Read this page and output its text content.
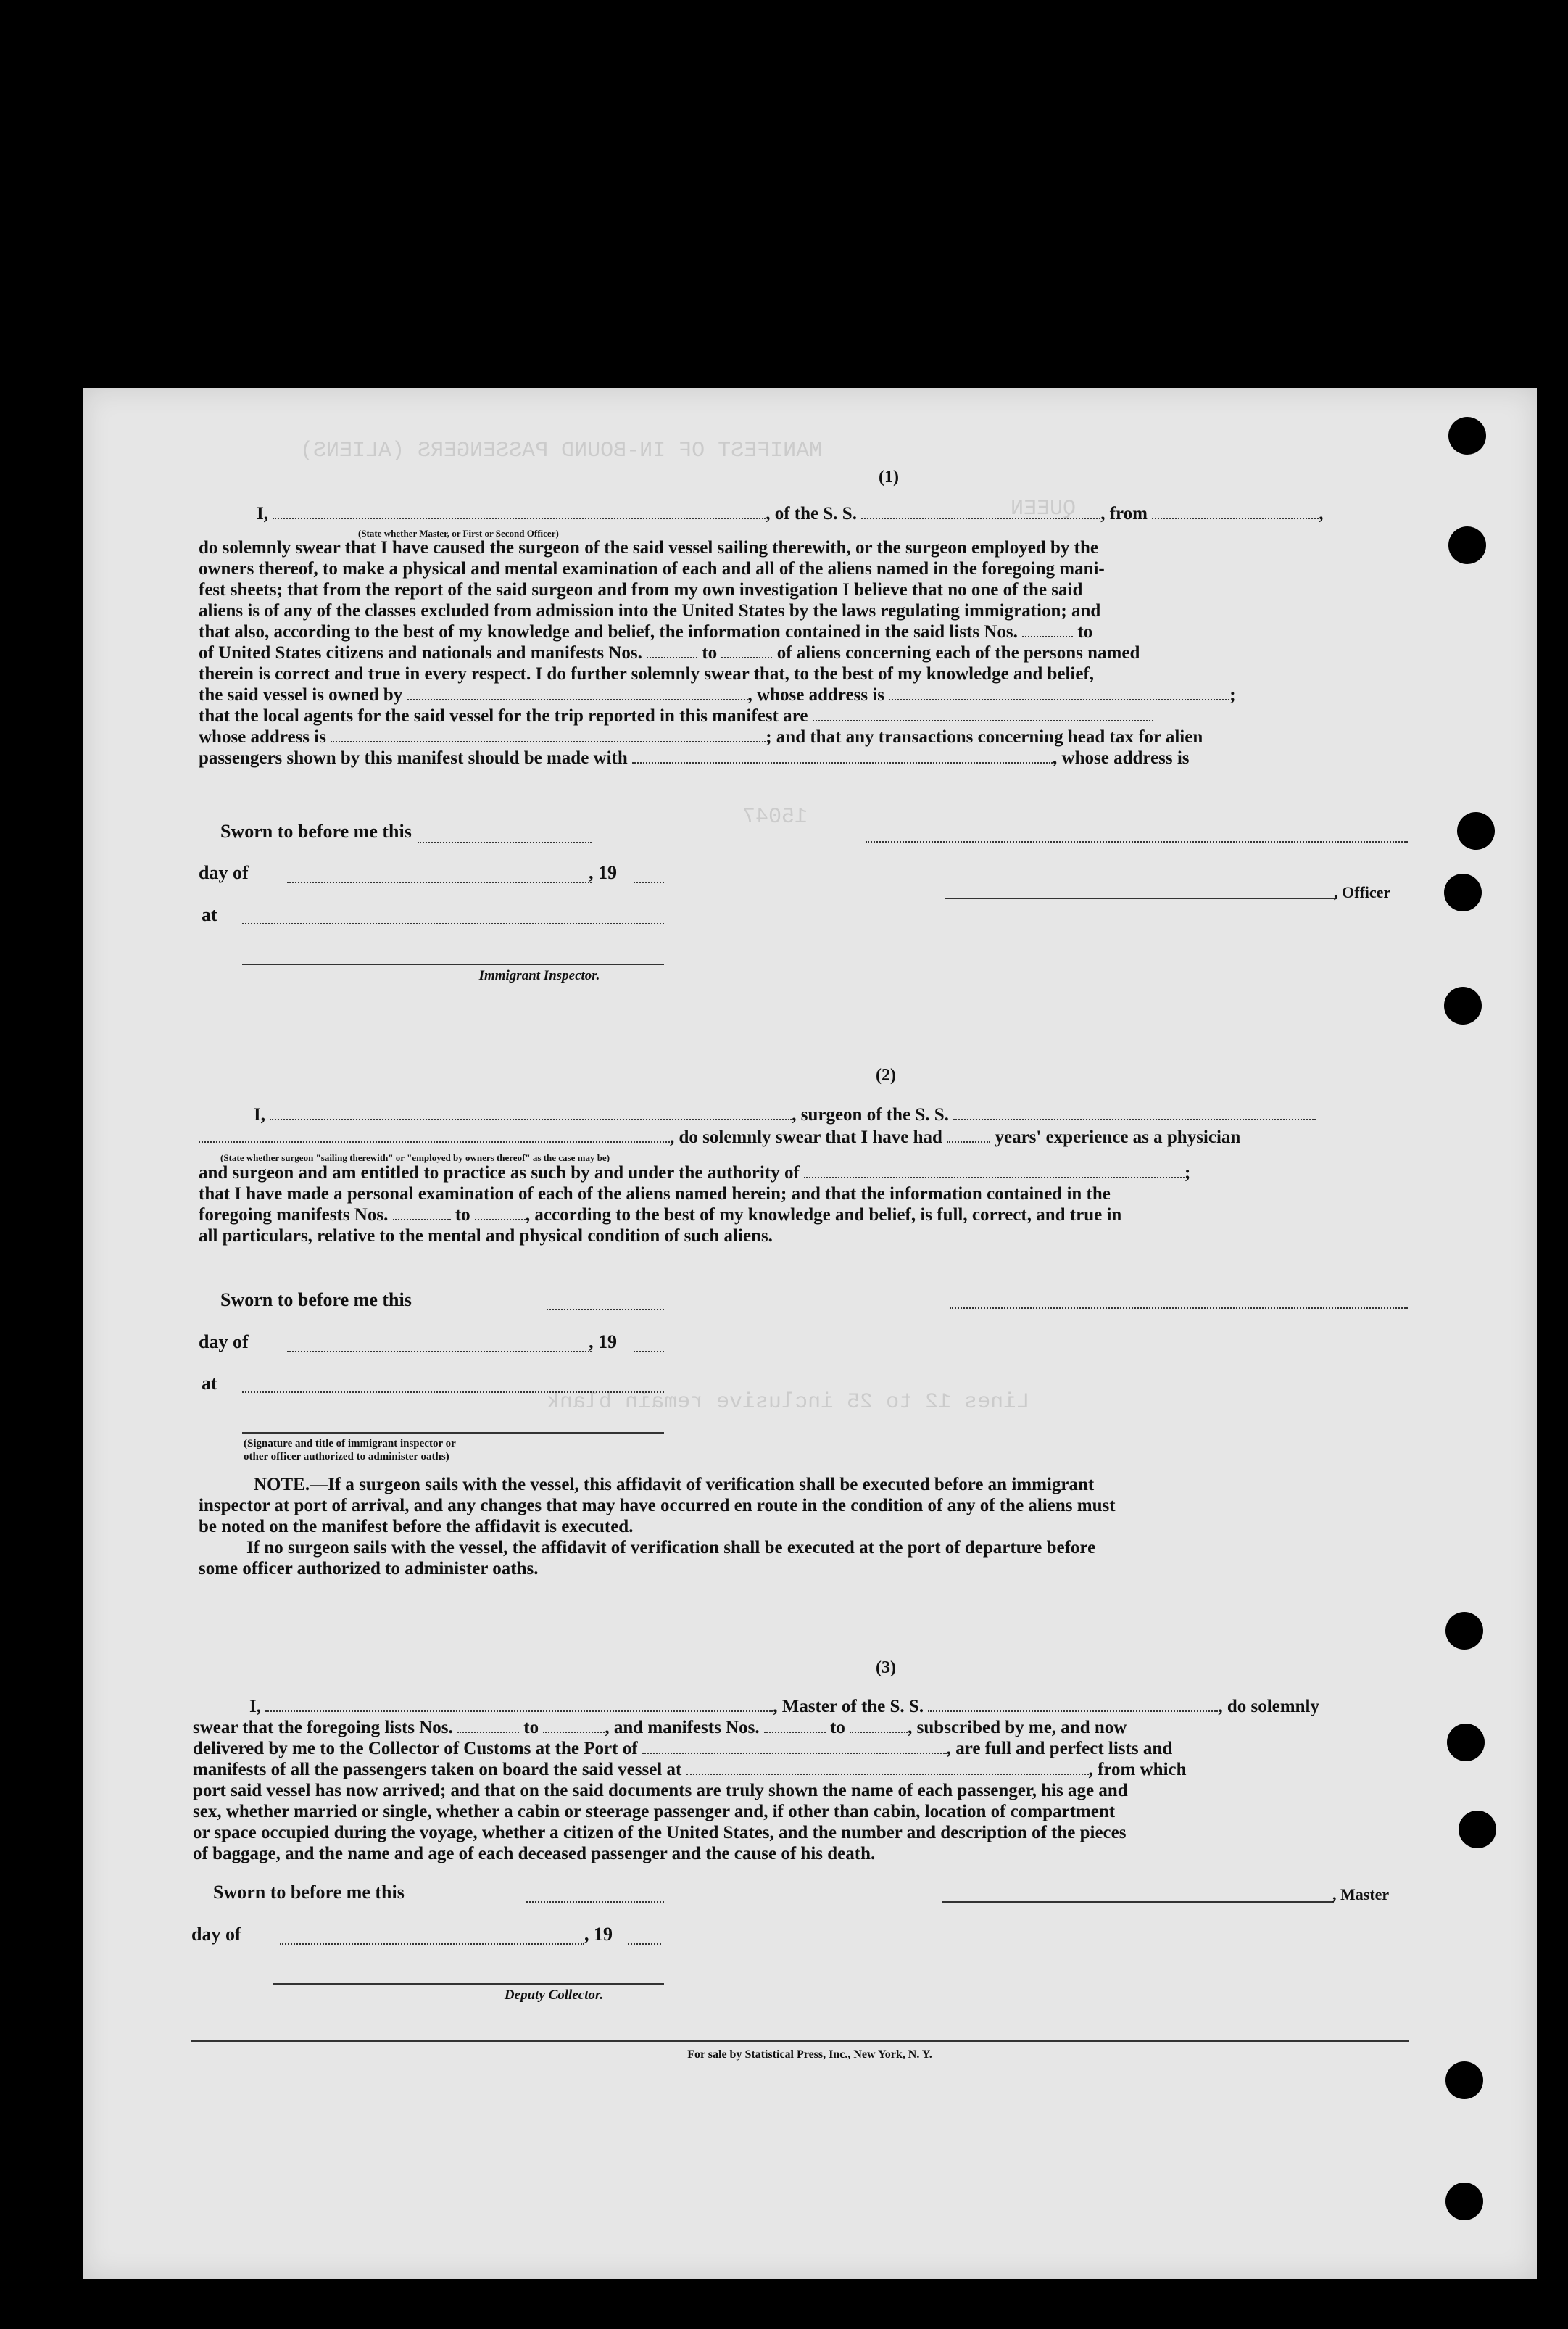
MANIFEST OF IN-BOUND PASSENGERS (ALIENS)
QUEEN
15047
Lines 12 to 25 inclusive remain blank
(1)
I,	, of the S. S.	, from	,
(State whether Master, or First or Second Officer)
do solemnly swear that I have caused the surgeon of the said vessel sailing therewith, or the surgeon employed by the
owners thereof, to make a physical and mental examination of each and all of the aliens named in the foregoing mani-
fest sheets; that from the report of the said surgeon and from my own investigation I believe that no one of the said
aliens is of any of the classes excluded from admission into the United States by the laws regulating immigration; and
that also, according to the best of my knowledge and belief, the information contained in the said lists Nos.	to
of United States citizens and nationals and manifests Nos.	to	of aliens concerning each of the persons named
therein is correct and true in every respect. I do further solemnly swear that, to the best of my knowledge and belief,
the said vessel is owned by	, whose address is	;
that the local agents for the said vessel for the trip reported in this manifest are
whose address is	; and that any transactions concerning head tax for alien
passengers shown by this manifest should be made with	, whose address is
Sworn to before me this
day of	, 19
at
Immigrant Inspector.
, Officer
(2)
I,	, surgeon of the S. S.
, do solemnly swear that I have had	years' experience as a physician
(State whether surgeon "sailing therewith" or "employed by owners thereof" as the case may be)
and surgeon and am entitled to practice as such by and under the authority of	;
that I have made a personal examination of each of the aliens named herein; and that the information contained in the
foregoing manifests Nos.	to	, according to the best of my knowledge and belief, is full, correct, and true in
all particulars, relative to the mental and physical condition of such aliens.
Sworn to before me this
day of	, 19
at
(Signature and title of immigrant inspector or
other officer authorized to administer oaths)
NOTE.—If a surgeon sails with the vessel, this affidavit of verification shall be executed before an immigrant
inspector at port of arrival, and any changes that may have occurred en route in the condition of any of the aliens must
be noted on the manifest before the affidavit is executed.
If no surgeon sails with the vessel, the affidavit of verification shall be executed at the port of departure before
some officer authorized to administer oaths.
(3)
I,	, Master of the S. S.	, do solemnly
swear that the foregoing lists Nos.	to	, and manifests Nos.	to	, subscribed by me, and now
delivered by me to the Collector of Customs at the Port of	, are full and perfect lists and
manifests of all the passengers taken on board the said vessel at	, from which
port said vessel has now arrived; and that on the said documents are truly shown the name of each passenger, his age and
sex, whether married or single, whether a cabin or steerage passenger and, if other than cabin, location of compartment
or space occupied during the voyage, whether a citizen of the United States, and the number and description of the pieces
of baggage, and the name and age of each deceased passenger and the cause of his death.
Sworn to before me this	, Master
day of	, 19
Deputy Collector.
For sale by Statistical Press, Inc., New York, N. Y.
